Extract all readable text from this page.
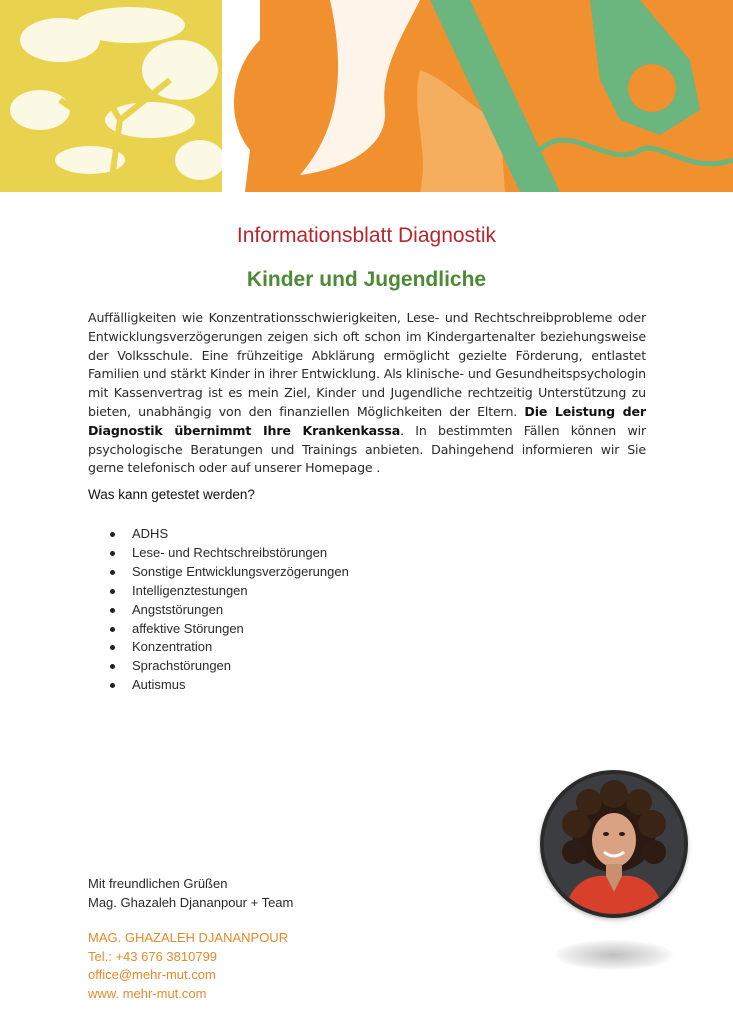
Informationsblatt Diagnostik
Kinder und Jugendliche

Auffälligkeiten wie Konzentrationsschwierigkeiten, Lese- und Rechtschreibprobleme oder Entwicklungsverzögerungen zeigen sich oft schon im Kindergartenalter beziehungsweise der Volksschule. Eine frühzeitige Abklärung ermöglicht gezielte Förderung, entlastet Familien und stärkt Kinder in ihrer Entwicklung. Als klinische- und Gesundheitspsychologin mit Kassenvertrag ist es mein Ziel, Kinder und Jugendliche rechtzeitig Unterstützung zu bieten, unabhängig von den finanziellen Möglichkeiten der Eltern. Die Leistung der Diagnostik übernimmt Ihre Krankenkassa. In bestimmten Fällen können wir psychologische Beratungen und Trainings anbieten. Dahingehend informieren wir Sie gerne telefonisch oder auf unserer Homepage .

Was kann getestet werden?

ADHS
Lese- und Rechtschreibstörungen
Sonstige Entwicklungsverzögerungen
Intelligenztestungen
Angststörungen
affektive Störungen
Konzentration
Sprachstörungen
Autismus

Mit freundlichen Grüßen
Mag. Ghazaleh Djananpour + Team

MAG. GHAZALEH DJANANPOUR
Tel.: +43 676 3810799
office@mehr-mut.com
www. mehr-mut.com
